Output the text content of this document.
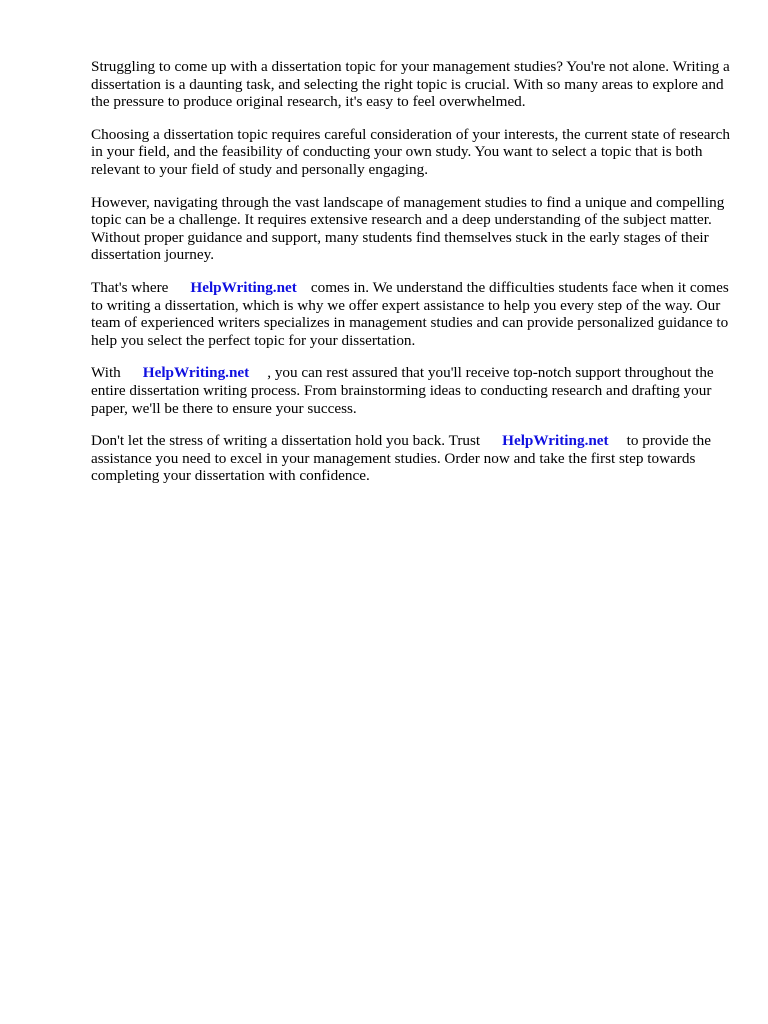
Struggling to come up with a dissertation topic for your management studies? You're not alone. Writing a dissertation is a daunting task, and selecting the right topic is crucial. With so many areas to explore and the pressure to produce original research, it's easy to feel overwhelmed.

Choosing a dissertation topic requires careful consideration of your interests, the current state of research in your field, and the feasibility of conducting your own study. You want to select a topic that is both relevant to your field of study and personally engaging.

However, navigating through the vast landscape of management studies to find a unique and compelling topic can be a challenge. It requires extensive research and a deep understanding of the subject matter. Without proper guidance and support, many students find themselves stuck in the early stages of their dissertation journey.

That's where HelpWriting.net comes in. We understand the difficulties students face when it comes to writing a dissertation, which is why we offer expert assistance to help you every step of the way. Our team of experienced writers specializes in management studies and can provide personalized guidance to help you select the perfect topic for your dissertation.

With HelpWriting.net , you can rest assured that you'll receive top-notch support throughout the entire dissertation writing process. From brainstorming ideas to conducting research and drafting your paper, we'll be there to ensure your success.

Don't let the stress of writing a dissertation hold you back. Trust HelpWriting.net to provide the assistance you need to excel in your management studies. Order now and take the first step towards completing your dissertation with confidence.
